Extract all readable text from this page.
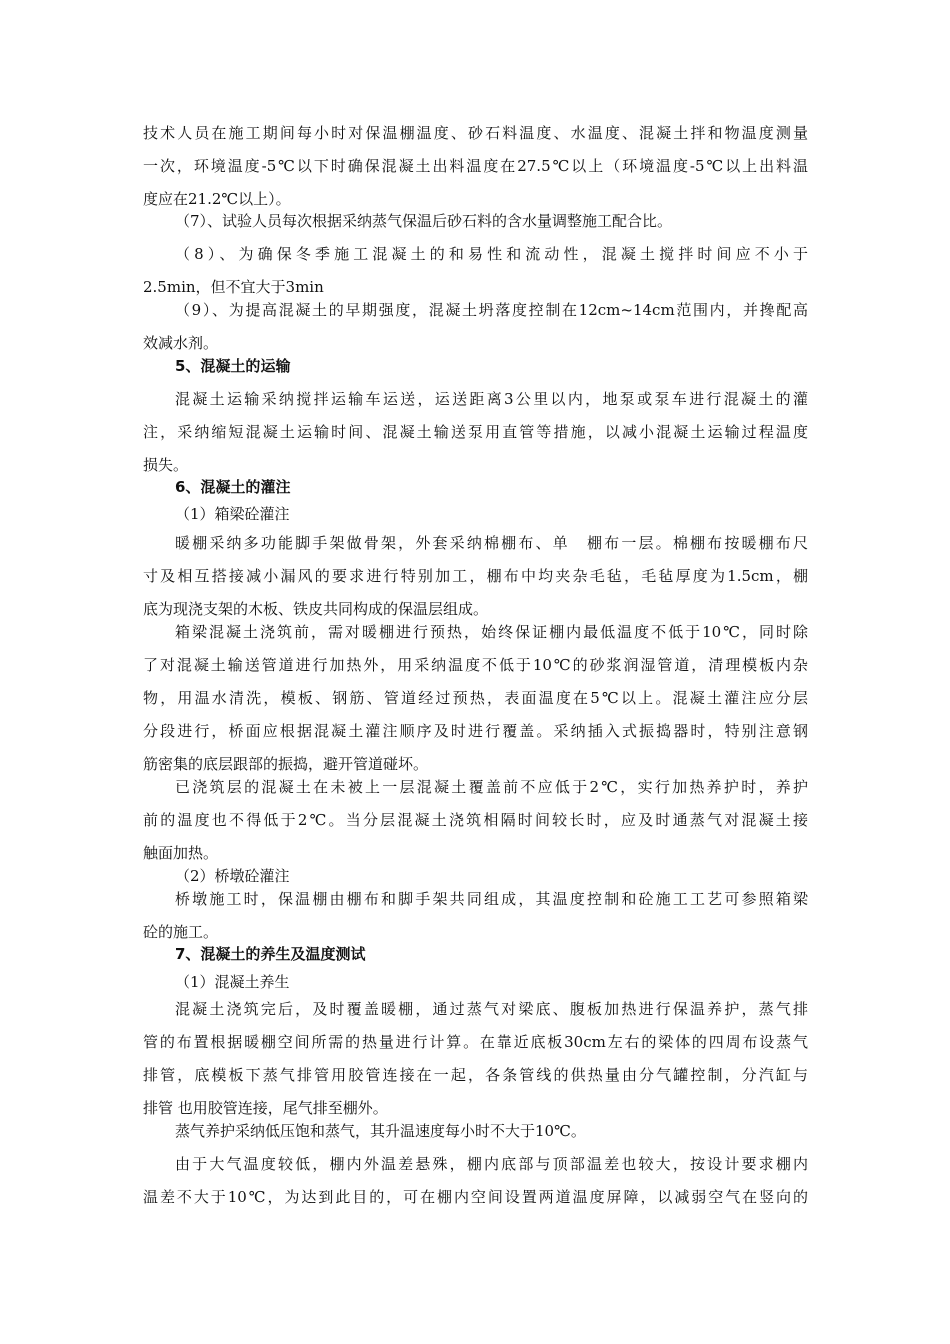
技术人员在施工期间每小时对保温棚温度、砂石料温度、水温度、混凝土拌和物温度测量
一次，环境温度-5℃以下时确保混凝土出料温度在27.5℃以上（环境温度-5℃以上出料温
度应在21.2℃以上）。
（7）、试验人员每次根据采纳蒸气保温后砂石料的含水量调整施工配合比。
（8）、为确保冬季施工混凝土的和易性和流动性，混凝土搅拌时间应不小于
2.5min，但不宜大于3min
（9）、为提高混凝土的早期强度，混凝土坍落度控制在12cm~14cm范围内，并搀配高
效减水剂。
5、混凝土的运输
混凝土运输采纳搅拌运输车运送，运送距离3公里以内，地泵或泵车进行混凝土的灌
注，采纳缩短混凝土运输时间、混凝土输送泵用直管等措施，以减小混凝土运输过程温度
损失。
6、混凝土的灌注
（1）箱梁砼灌注
暖棚采纳多功能脚手架做骨架，外套采纳棉棚布、单　棚布一层。棉棚布按暖棚布尺
寸及相互搭接减小漏风的要求进行特别加工，棚布中均夹杂毛毡，毛毡厚度为1.5cm，棚
底为现浇支架的木板、铁皮共同构成的保温层组成。
箱梁混凝土浇筑前，需对暖棚进行预热，始终保证棚内最低温度不低于10℃，同时除
了对混凝土输送管道进行加热外，用采纳温度不低于10℃的砂浆润湿管道，清理模板内杂
物，用温水清洗，模板、钢筋、管道经过预热，表面温度在5℃以上。混凝土灌注应分层
分段进行，桥面应根据混凝土灌注顺序及时进行覆盖。采纳插入式振捣器时，特别注意钢
筋密集的底层跟部的振捣，避开管道碰坏。
已浇筑层的混凝土在未被上一层混凝土覆盖前不应低于2℃，实行加热养护时，养护
前的温度也不得低于2℃。当分层混凝土浇筑相隔时间较长时，应及时通蒸气对混凝土接
触面加热。
（2）桥墩砼灌注
桥墩施工时，保温棚由棚布和脚手架共同组成，其温度控制和砼施工工艺可参照箱梁
砼的施工。
7、混凝土的养生及温度测试
（1）混凝土养生
混凝土浇筑完后，及时覆盖暖棚，通过蒸气对梁底、腹板加热进行保温养护，蒸气排
管的布置根据暖棚空间所需的热量进行计算。在靠近底板30cm左右的梁体的四周布设蒸气
排管，底模板下蒸气排管用胶管连接在一起，各条管线的供热量由分气罐控制，分汽缸与
排管 也用胶管连接，尾气排至棚外。
蒸气养护采纳低压饱和蒸气，其升温速度每小时不大于10℃。
由于大气温度较低，棚内外温差悬殊，棚内底部与顶部温差也较大，按设计要求棚内
温差不大于10℃，为达到此目的，可在棚内空间设置两道温度屏障，以减弱空气在竖向的
